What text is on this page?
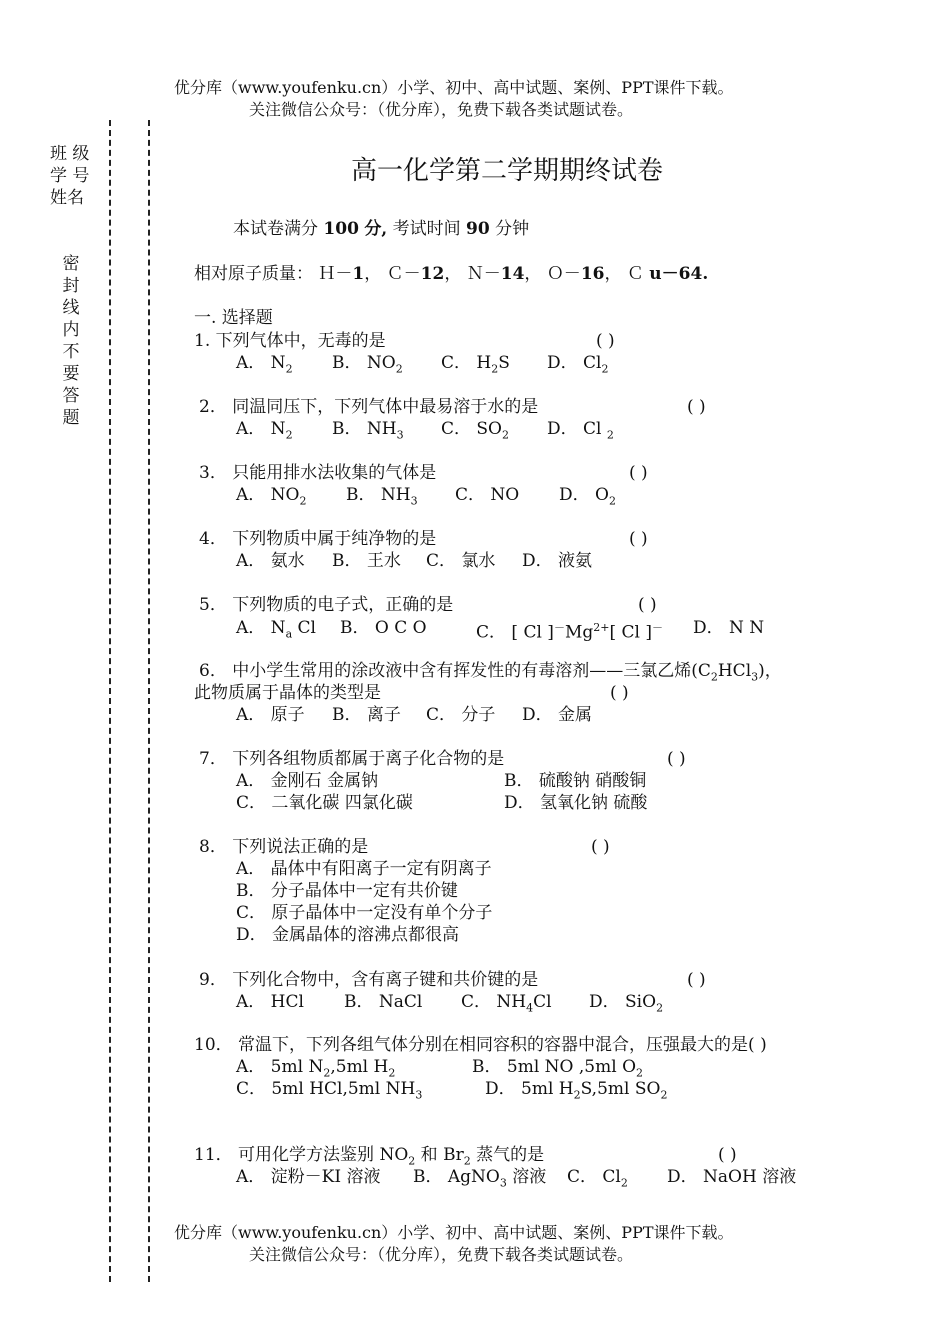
优分库（www.youfenku.cn）小学、初中、高中试题、案例、PPT课件下载。
关注微信公众号：（优分库），免费下载各类试题试卷。
班 级
学 号
姓名
密封线内不要答题
高一化学第二学期期终试卷
本试卷满分 100 分, 考试时间 90 分钟
相对原子质量： Ｈ－1， Ｃ－12， Ｎ－14， Ｏ－16， Ｃ u－64.
一. 选择题
1. 下列气体中，无毒的是	( )
A． $N_2$ B． $NO_2$ C． $H_2S$ D． $Cl_2$
2． 同温同压下，下列气体中最易溶于水的是	( )
A． $N_2$ B． $NH_3$ C． $SO_2$ D． Cl $_2$
3． 只能用排水法收集的气体是	( )
A． $NO_2$ B． $NH_3$ C． NO D． $O_2$
4． 下列物质中属于纯净物的是	( )
A． 氨水 B． 王水 C． 氯水 D． 液氨
5． 下列物质的电子式，正确的是	( )
A． $N_a$ Cl B． O C O	C． [ Cl ]$^-Mg^{2+}$[ Cl ]－ D． N N
6． 中小学生常用的涂改液中含有挥发性的有毒溶剂——三氯乙烯$(C_2HCl_3)$，
此物质属于晶体的类型是	( )
A． 原子 B． 离子 C． 分子 D． 金属
7． 下列各组物质都属于离子化合物的是	( )
A． 金刚石 金属钠	B． 硫酸钠 硝酸铜
C． 二氧化碳 四氯化碳	D． 氢氧化钠 硫酸
8． 下列说法正确的是	( )
A． 晶体中有阳离子一定有阴离子
B． 分子晶体中一定有共价键
C． 原子晶体中一定没有单个分子
D． 金属晶体的溶沸点都很高
9． 下列化合物中，含有离子键和共价键的是	( )
A． HCl B． NaCl C． $NH_4Cl$ D． SiO$_2$
10． 常温下，下列各组气体分别在相同容积的容器中混合，压强最大的是( )
A． 5ml $N_2,5ml$ $H_2$	B． 5ml NO ,5ml $O_2$
C． 5ml HCl,5ml $NH_3$	D． 5ml $H_2S,5ml$ $SO_2$
11． 可用化学方法鉴别 $NO_2$ 和 $Br_2$ 蒸气的是	( )
A． 淀粉－KI 溶液 B． AgNO$_3$ 溶液 C． $Cl_2$ D． NaOH 溶液
优分库（www.youfenku.cn）小学、初中、高中试题、案例、PPT课件下载。
关注微信公众号：（优分库），免费下载各类试题试卷。
